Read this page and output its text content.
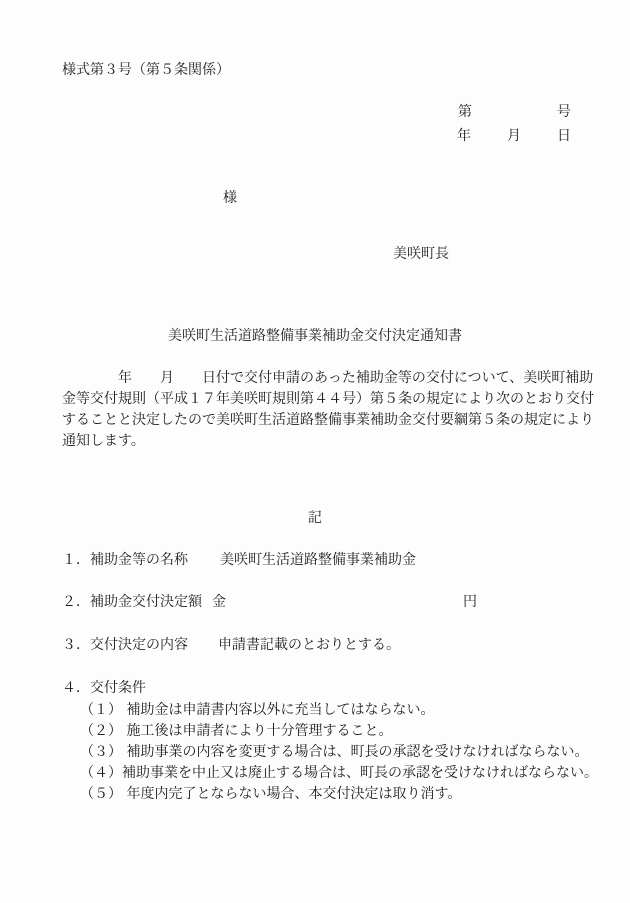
様式第３号（第５条関係）
第	号
年	月	日
様
美咲町長
美咲町生活道路整備事業補助金交付決定通知書
　　　　年　　月　　日付で交付申請のあった補助金等の交付について、美咲町補助
金等交付規則（平成１７年美咲町規則第４４号）第５条の規定により次のとおり交付
することと決定したので美咲町生活道路整備事業補助金交付要綱第５条の規定により
通知します。
記
１．補助金等の名称 美咲町生活道路整備事業補助金
２．補助金交付決定額 金	円
３．交付決定の内容 申請書記載のとおりとする。
４．交付条件
（１） 補助金は申請書内容以外に充当してはならない。
（２） 施工後は申請者により十分管理すること。
（３） 補助事業の内容を変更する場合は、町長の承認を受けなければならない。
（４）補助事業を中止又は廃止する場合は、町長の承認を受けなければならない。
（５） 年度内完了とならない場合、本交付決定は取り消す。
